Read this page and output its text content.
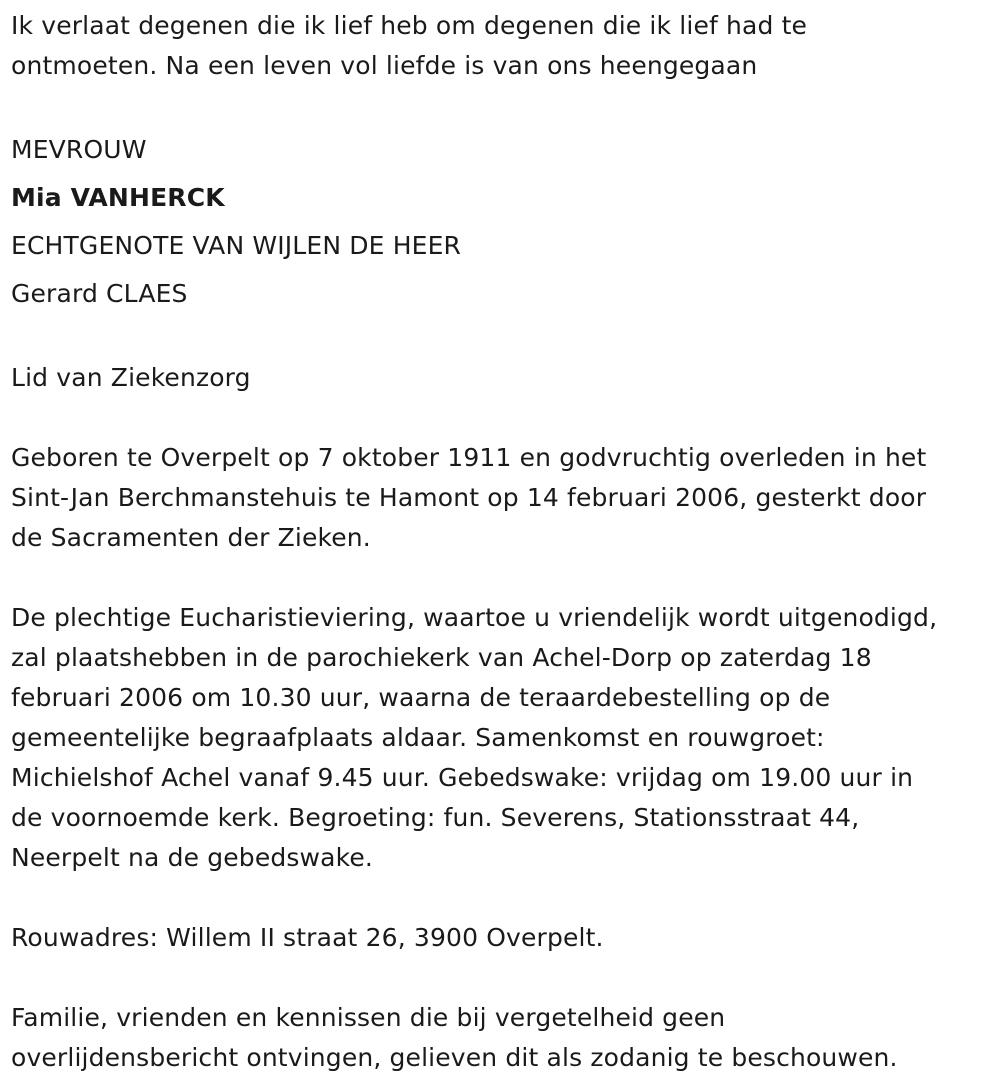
Ik verlaat degenen die ik lief heb om degenen die ik lief had te
ontmoeten. Na een leven vol liefde is van ons heengegaan

MEVROUW

Mia VANHERCK

ECHTGENOTE VAN WIJLEN DE HEER

Gerard CLAES

Lid van Ziekenzorg

Geboren te Overpelt op 7 oktober 1911 en godvruchtig overleden in het
Sint-Jan Berchmanstehuis te Hamont op 14 februari 2006, gesterkt door
de Sacramenten der Zieken.

De plechtige Eucharistieviering, waartoe u vriendelijk wordt uitgenodigd,
zal plaatshebben in de parochiekerk van Achel-Dorp op zaterdag 18
februari 2006 om 10.30 uur, waarna de teraardebestelling op de
gemeentelijke begraafplaats aldaar. Samenkomst en rouwgroet:
Michielshof Achel vanaf 9.45 uur. Gebedswake: vrijdag om 19.00 uur in
de voornoemde kerk. Begroeting: fun. Severens, Stationsstraat 44,
Neerpelt na de gebedswake.

Rouwadres: Willem II straat 26, 3900 Overpelt.

Familie, vrienden en kennissen die bij vergetelheid geen
overlijdensbericht ontvingen, gelieven dit als zodanig te beschouwen.
